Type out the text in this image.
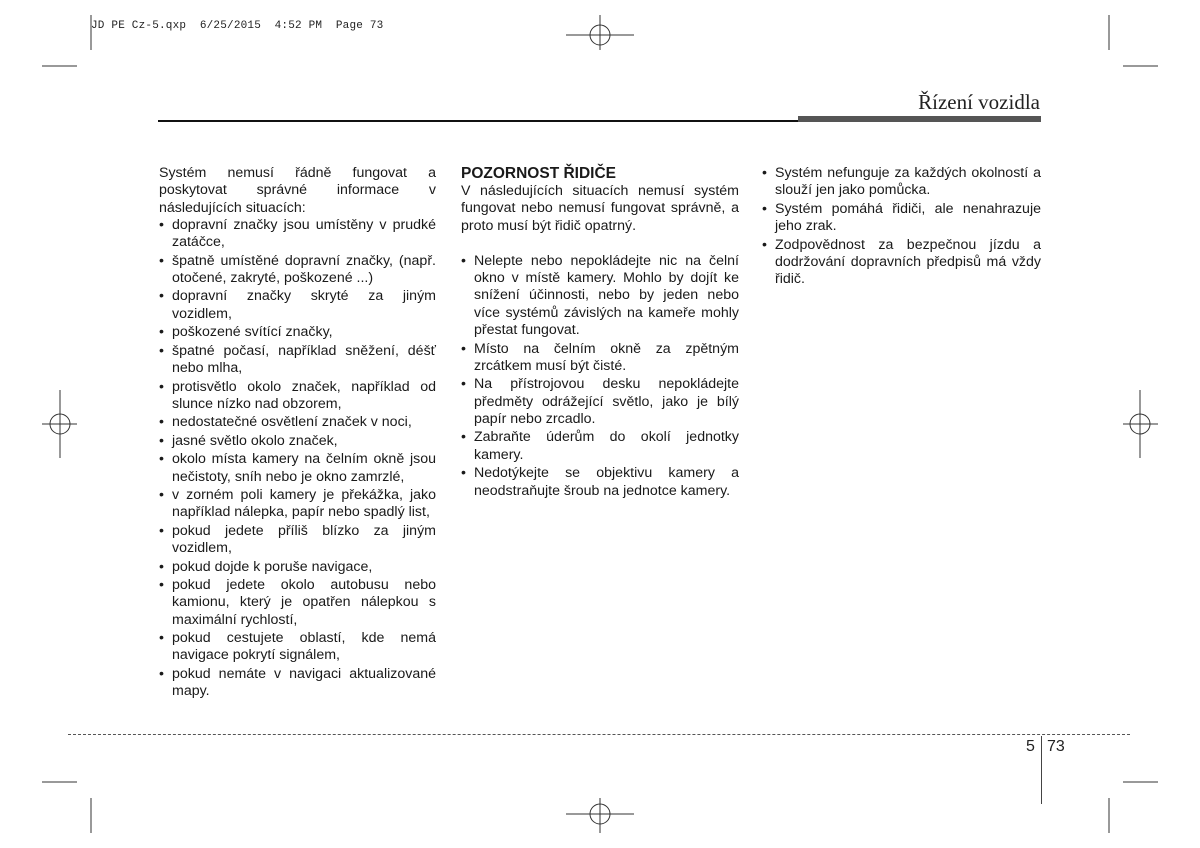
JD PE Cz-5.qxp  6/25/2015  4:52 PM  Page 73
Řízení vozidla

Systém nemusí řádně fungovat a poskytovat správné informace v následujících situacích:

• dopravní značky jsou umístěny v prudké zatáčce,
• špatně umístěné dopravní značky, (např. otočené, zakryté, poškozené ...)
• dopravní značky skryté za jiným vozidlem,
• poškozené svítící značky,
• špatné počasí, například sněžení, déšť nebo mlha,
• protisvětlo okolo značek, například od slunce nízko nad obzorem,
• nedostatečné osvětlení značek v noci,
• jasné světlo okolo značek,
• okolo místa kamery na čelním okně jsou nečistoty, sníh nebo je okno zamrzlé,
• v zorném poli kamery je překážka, jako například nálepka, papír nebo spadlý list,
• pokud jedete příliš blízko za jiným vozidlem,
• pokud dojde k poruše navigace,
• pokud jedete okolo autobusu nebo kamionu, který je opatřen nálepkou s maximální rychlostí,
• pokud cestujete oblastí, kde nemá navigace pokrytí signálem,
• pokud nemáte v navigaci aktualizované mapy.

POZORNOST ŘIDIČE

V následujících situacích nemusí systém fungovat nebo nemusí fungovat správně, a proto musí být řidič opatrný.

• Nelepte nebo nepokládejte nic na čelní okno v místě kamery. Mohlo by dojít ke snížení účinnosti, nebo by jeden nebo více systémů závislých na kameře mohly přestat fungovat.
• Místo na čelním okně za zpětným zrcátkem musí být čisté.
• Na přístrojovou desku nepokládejte předměty odrážející světlo, jako je bílý papír nebo zrcadlo.
• Zabraňte úderům do okolí jednotky kamery.
• Nedotýkejte se objektivu kamery a neodstraňujte šroub na jednotce kamery.
• Systém nefunguje za každých okolností a slouží jen jako pomůcka.
• Systém pomáhá řidiči, ale nenahrazuje jeho zrak.
• Zodpovědnost za bezpečnou jízdu a dodržování dopravních předpisů má vždy řidič.
5 73
